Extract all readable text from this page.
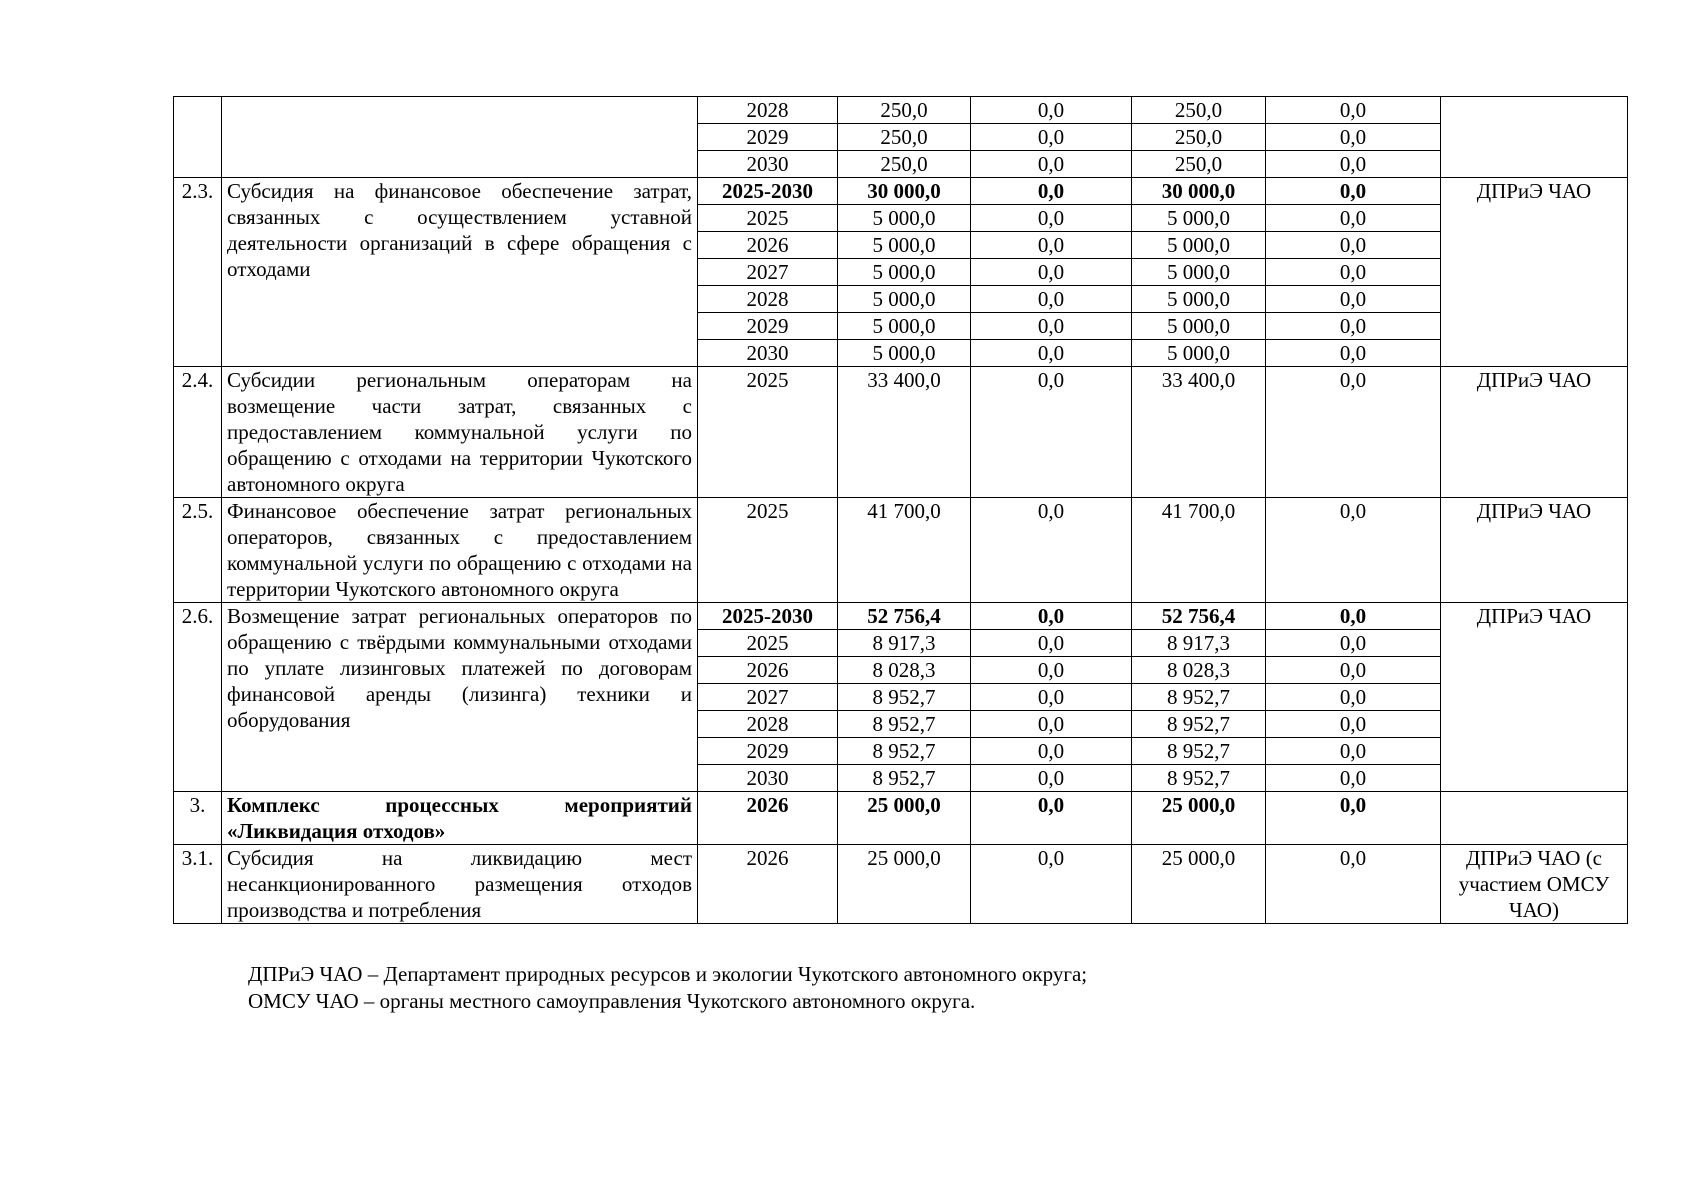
		2028	250,0	0,0	250,0	0,0	
		2029	250,0	0,0	250,0	0,0	
		2030	250,0	0,0	250,0	0,0	
2.3.	Субсидия на финансовое обеспечение затрат, связанных с осуществлением уставной деятельности организаций в сфере обращения с отходами	2025-2030	30 000,0	0,0	30 000,0	0,0	ДПРиЭ ЧАО
		2025	5 000,0	0,0	5 000,0	0,0	
		2026	5 000,0	0,0	5 000,0	0,0	
		2027	5 000,0	0,0	5 000,0	0,0	
		2028	5 000,0	0,0	5 000,0	0,0	
		2029	5 000,0	0,0	5 000,0	0,0	
		2030	5 000,0	0,0	5 000,0	0,0	
2.4.	Субсидии региональным операторам на возмещение части затрат, связанных с предоставлением коммунальной услуги по обращению с отходами на территории Чукотского автономного округа	2025	33 400,0	0,0	33 400,0	0,0	ДПРиЭ ЧАО
2.5.	Финансовое обеспечение затрат региональных операторов, связанных с предоставлением коммунальной услуги по обращению с отходами на территории Чукотского автономного округа	2025	41 700,0	0,0	41 700,0	0,0	ДПРиЭ ЧАО
2.6.	Возмещение затрат региональных операторов по обращению с твёрдыми коммунальными отходами по уплате лизинговых платежей по договорам финансовой аренды (лизинга) техники и оборудования	2025-2030	52 756,4	0,0	52 756,4	0,0	ДПРиЭ ЧАО
		2025	8 917,3	0,0	8 917,3	0,0	
		2026	8 028,3	0,0	8 028,3	0,0	
		2027	8 952,7	0,0	8 952,7	0,0	
		2028	8 952,7	0,0	8 952,7	0,0	
		2029	8 952,7	0,0	8 952,7	0,0	
		2030	8 952,7	0,0	8 952,7	0,0	
3.	Комплекс процессных мероприятий «Ликвидация отходов»	2026	25 000,0	0,0	25 000,0	0,0	
3.1.	Субсидия на ликвидацию мест несанкционированного размещения отходов производства и потребления	2026	25 000,0	0,0	25 000,0	0,0	ДПРиЭ ЧАО (с участием ОМСУ ЧАО)
ДПРиЭ ЧАО – Департамент природных ресурсов и экологии Чукотского автономного округа;
ОМСУ ЧАО – органы местного самоуправления Чукотского автономного округа.
